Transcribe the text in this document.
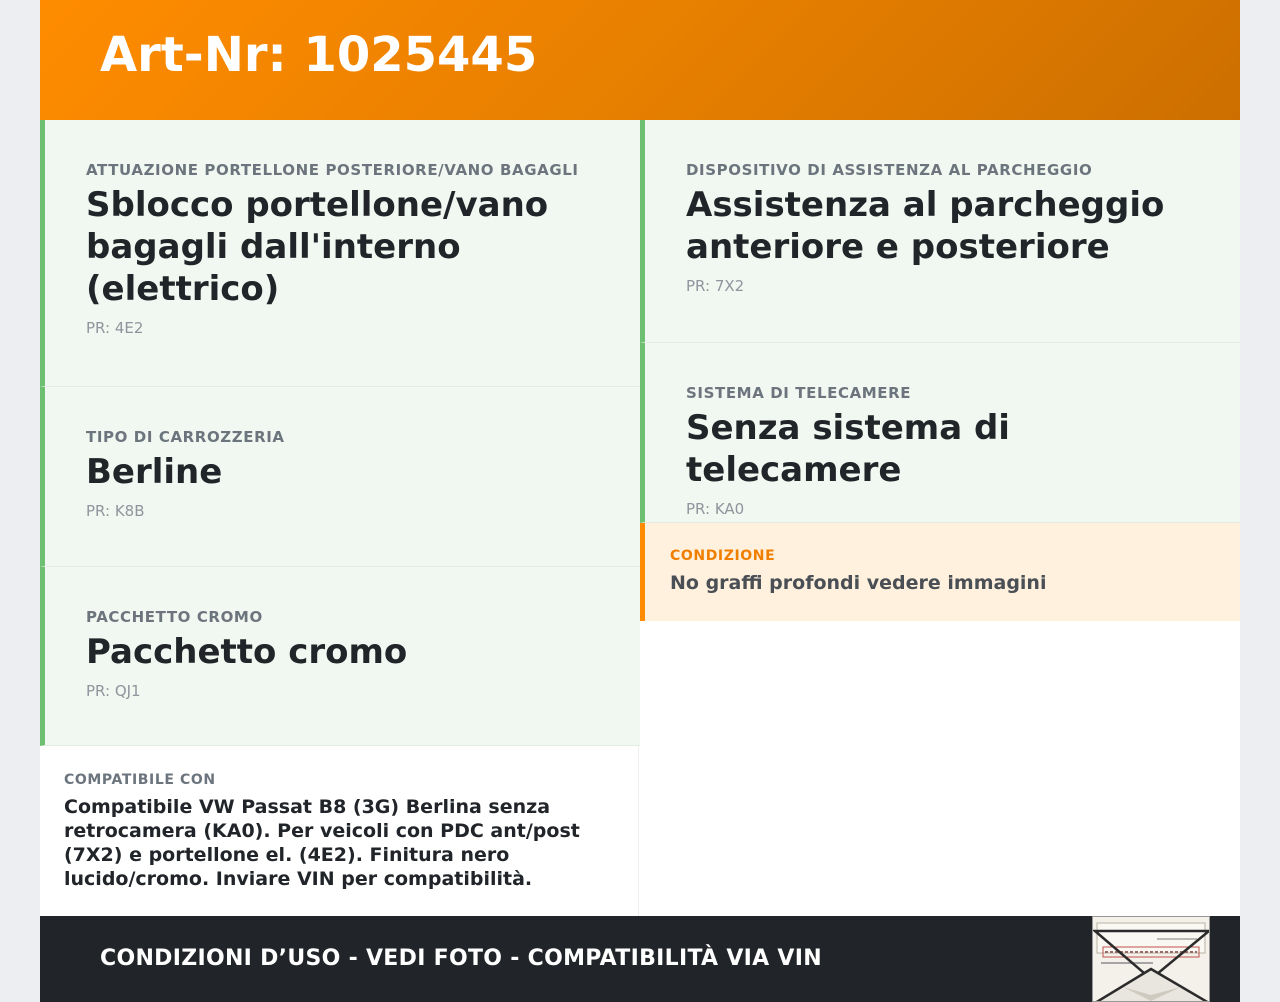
Art-Nr: 1025445

ATTUAZIONE PORTELLONE POSTERIORE/VANO BAGAGLI

Sblocco portellone/vano bagagli dall'interno (elettrico)

PR: 4E2

TIPO DI CARROZZERIA

Berline

PR: K8B

PACCHETTO CROMO

Pacchetto cromo

PR: QJ1

COMPATIBILE CON

Compatibile VW Passat B8 (3G) Berlina senza retrocamera (KA0). Per veicoli con PDC ant/post (7X2) e portellone el. (4E2). Finitura nero lucido/cromo. Inviare VIN per compatibilità.

DISPOSITIVO DI ASSISTENZA AL PARCHEGGIO

Assistenza al parcheggio anteriore e posteriore

PR: 7X2

SISTEMA DI TELECAMERE

Senza sistema di telecamere

PR: KA0

CONDIZIONE

No graffi profondi vedere immagini

CONDIZIONI D’USO - VEDI FOTO - COMPATIBILITÀ VIA VIN
